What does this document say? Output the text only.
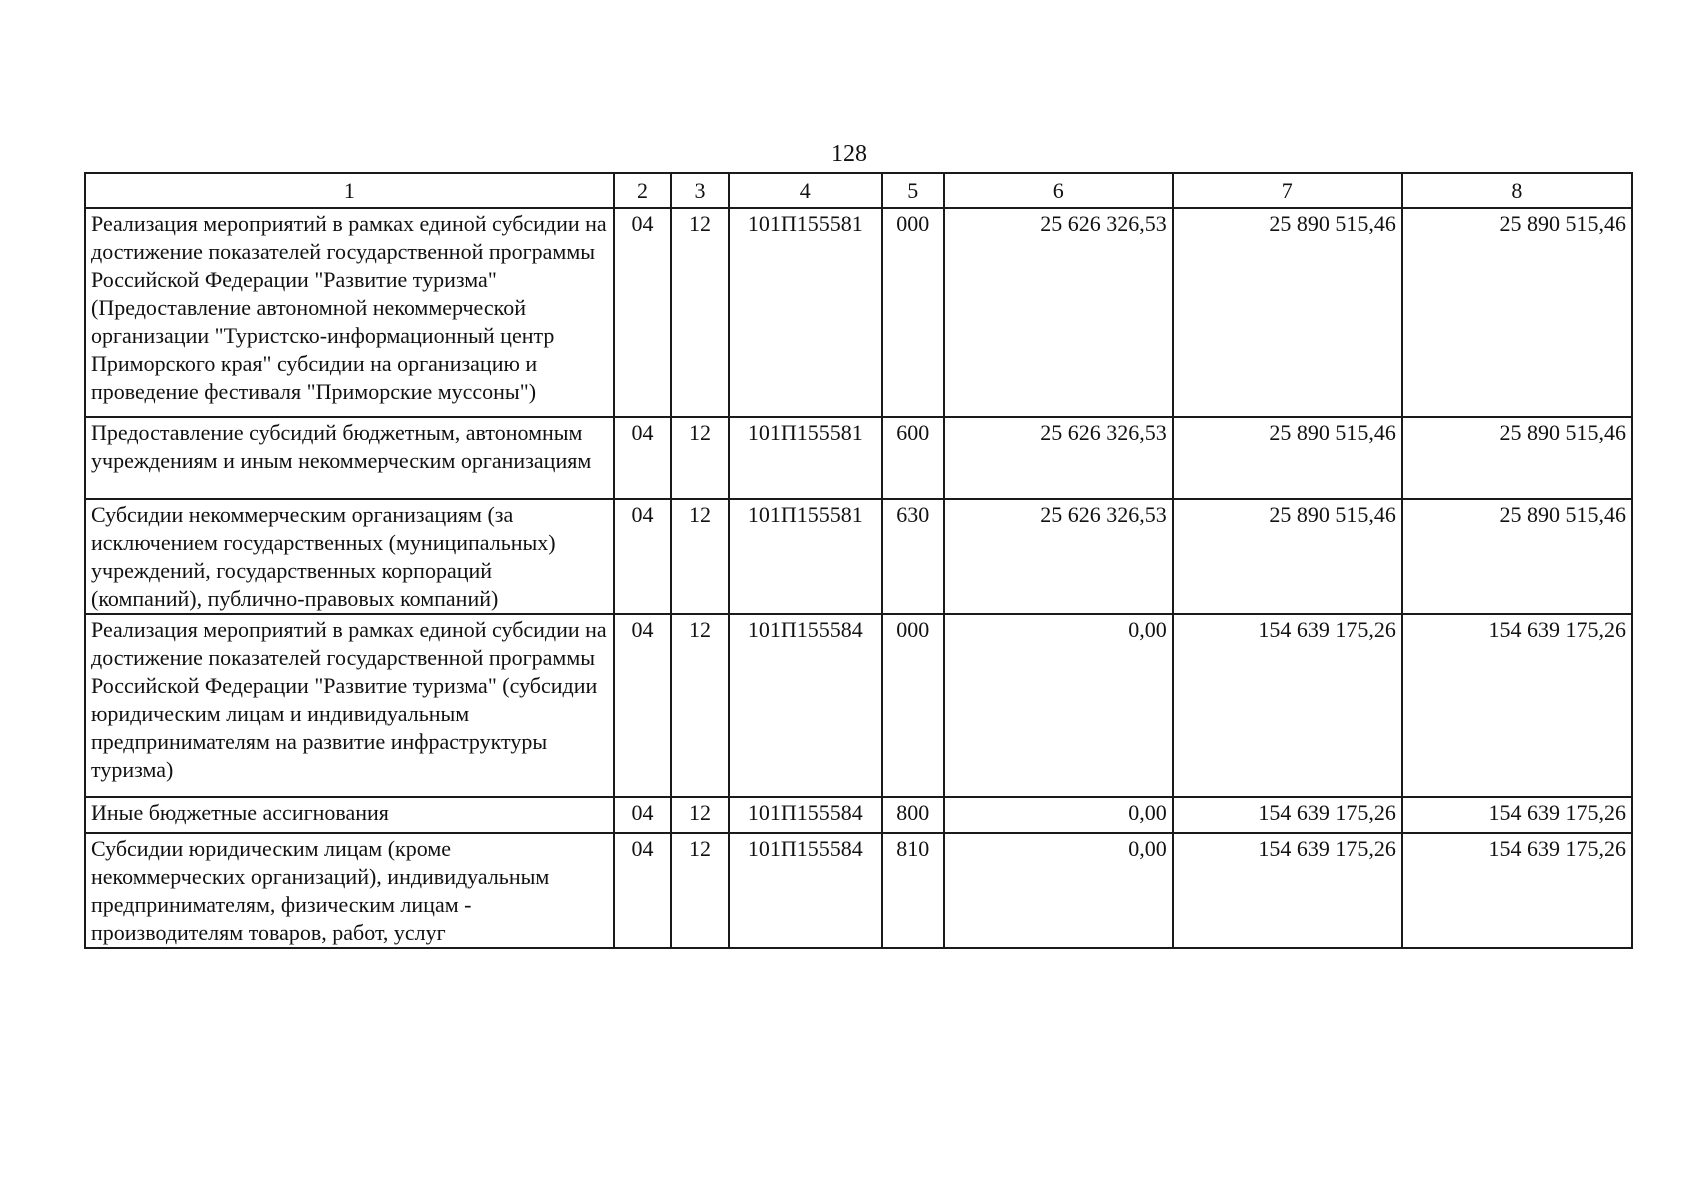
128
1	2	3	4	5	6	7	8
Реализация мероприятий в рамках единой субсидии на достижение показателей государственной программы Российской Федерации "Развитие туризма" (Предоставление автономной некоммерческой организации "Туристско-информационный центр Приморского края" субсидии на организацию и проведение фестиваля "Приморские муссоны")	04	12	101П155581	000	25 626 326,53	25 890 515,46	25 890 515,46
Предоставление субсидий бюджетным, автономным учреждениям и иным некоммерческим организациям	04	12	101П155581	600	25 626 326,53	25 890 515,46	25 890 515,46
Субсидии некоммерческим организациям (за исключением государственных (муниципальных) учреждений, государственных корпораций (компаний), публично-правовых компаний)	04	12	101П155581	630	25 626 326,53	25 890 515,46	25 890 515,46
Реализация мероприятий в рамках единой субсидии на достижение показателей государственной программы Российской Федерации "Развитие туризма" (субсидии юридическим лицам и индивидуальным предпринимателям на развитие инфраструктуры туризма)	04	12	101П155584	000	0,00	154 639 175,26	154 639 175,26
Иные бюджетные ассигнования	04	12	101П155584	800	0,00	154 639 175,26	154 639 175,26
Субсидии юридическим лицам (кроме некоммерческих организаций), индивидуальным предпринимателям, физическим лицам - производителям товаров, работ, услуг	04	12	101П155584	810	0,00	154 639 175,26	154 639 175,26
